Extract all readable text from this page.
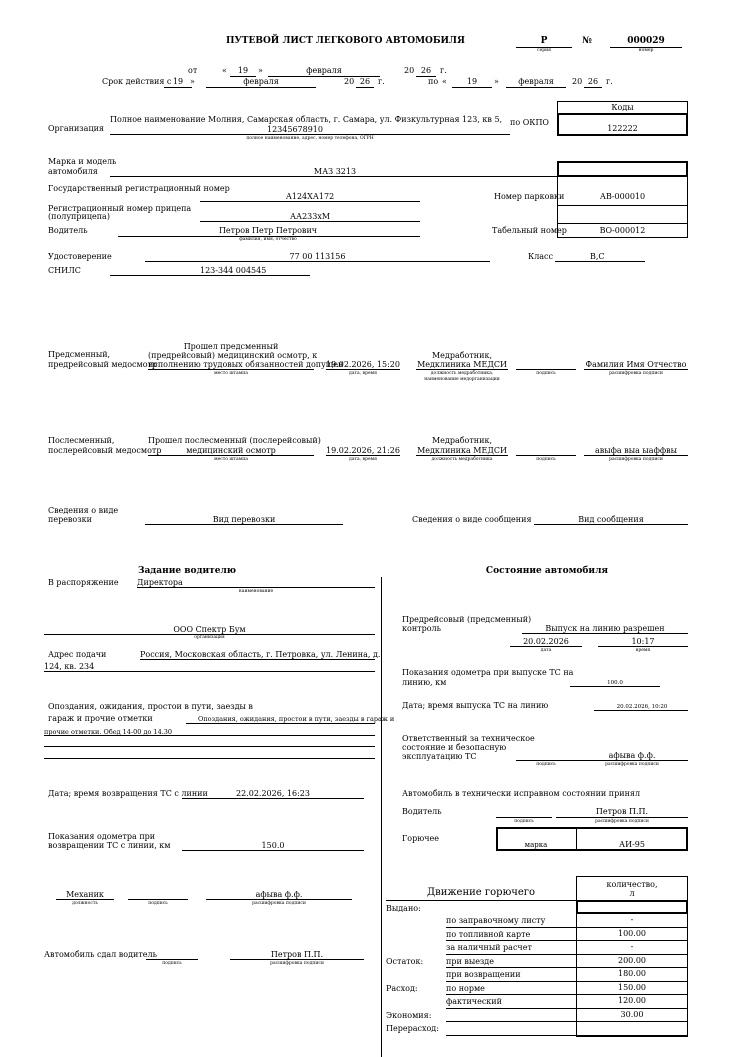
ПУТЕВОЙ ЛИСТ ЛЕГКОВОГО АВТОМОБИЛЯ	Р
серия
№	000029
номер
от	«	19	»	февраля	20 26	г.
Срок действия с 19 »	февраля	20 26 г.	по «	19	»	февраля	20 26 г.
Коды
122222
по ОКПО
Организация
Полное наименование Молния, Самарская область, г. Самара, ул. Физкультурная 123, кв 5,
12345678910
полное наименование, адрес, номер телефона, ОГРН
Марка и модель
автомобиля	МАЗ 3213
Государственный регистрационный номер
А124ХА172	Номер парковки	АВ-000010
Регистрационный номер прицепа
(полуприцепа)	АА233хМ
Водитель	Петров Петр Петрович
фамилия, имя, отчество
Табельный номер	ВО-000012
Удостоверение	77 00 113156	Класс	В,С
СНИЛС	123-344 004545
Предсменный,
предрейсовый медосмотр
Прошел предсменный
(предрейсовый) медицинский осмотр, к
исполнению трудовых обязанностей допущен
место штампа
19.02.2026, 15:20
дата, время
Медработник,
Медклиника МЕДСИ
должность медработника,
наименование медорганизации
подпись
Фамилия Имя Отчество
расшифровка подписи
Послесменный,
послерейсовый медосмотр
Прошел послесменный (послерейсовый)
медицинский осмотр
место штампа
19.02.2026, 21:26
дата, время
Медработник,
Медклиника МЕДСИ
должность медработника	подпись
авыфа выа ыаффвы
расшифровка подписи
Сведения о виде
перевозки	Вид перевозки	Сведения о виде сообщения	Вид сообщения
Задание водителю
В распоряжение Директора
наименование
ООО Спектр Бум
организация
Адрес подачи	Россия, Московская область, г. Петровка, ул. Ленина, д.
124, кв. 234
Опоздания, ожидания, простои в пути, заезды в
гараж и прочие отметки	Опоздания, ожидания, простои в пути, заезды в гараж и
прочие отметки. Обед 14-00 до 14.30
Дата; время возвращения ТС с линии	22.02.2026, 16:23
Показания одометра при
возвращении ТС с линии, км	150.0
Механик
должность	подпись
афыва ф.ф.
расшифровка подписи
Автомобиль сдал водитель
подпись
Петров П.П.
расшифровка подписи
Состояние автомобиля
Предрейсовый (предсменный)
контроль	Выпуск на линию разрешен
20.02.2026
дата
10:17
время
Показания одометра при выпуске ТС на
линию, км	100.0
Дата; время выпуска ТС на линию	20.02.2026, 10:20
Ответственный за техническое
состояние и безопасную
эксплуатацию ТС
подпись
афыва ф.ф.
расшифровка подписи
Автомобиль в технически исправном состоянии принял
Водитель
подпись
Петров П.П.
расшифровка подписи
Горючее
марка	АИ-95
Движение горючего
количество,
л
Выдано:
по заправочному листу	-
по топливной карте	100.00
за наличный расчет	-
Остаток:	при выезде	200.00
при возвращении	180.00
Расход:	по норме	150.00
фактический	120.00
Экономия:	30.00
Перерасход:
